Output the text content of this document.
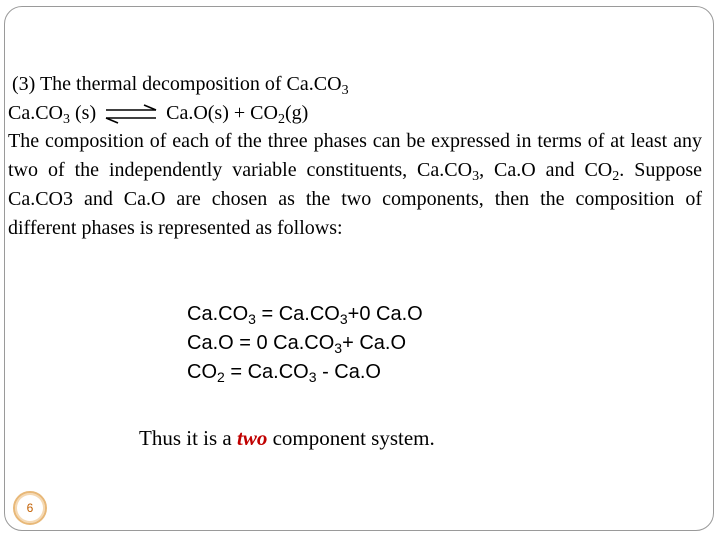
(3) The thermal decomposition of $Ca.CO_3$
$Ca.CO_3$ (s) ⇌ $Ca.O(s) + CO_2(g)$
The composition of each of the three phases can be expressed in terms of at least any two of the independently variable constituents, $Ca.CO_3$, Ca.O and $CO_2$. Suppose Ca.CO3 and Ca.O are chosen as the two components, then the composition of different phases is represented as follows:
$Ca.CO_3 = Ca.CO_3+0$ Ca.O
Ca.O = 0 $Ca.CO_3+ Ca.O$
$CO_2 = Ca.CO_3 - Ca.O$
Thus it is a two component system.
6
